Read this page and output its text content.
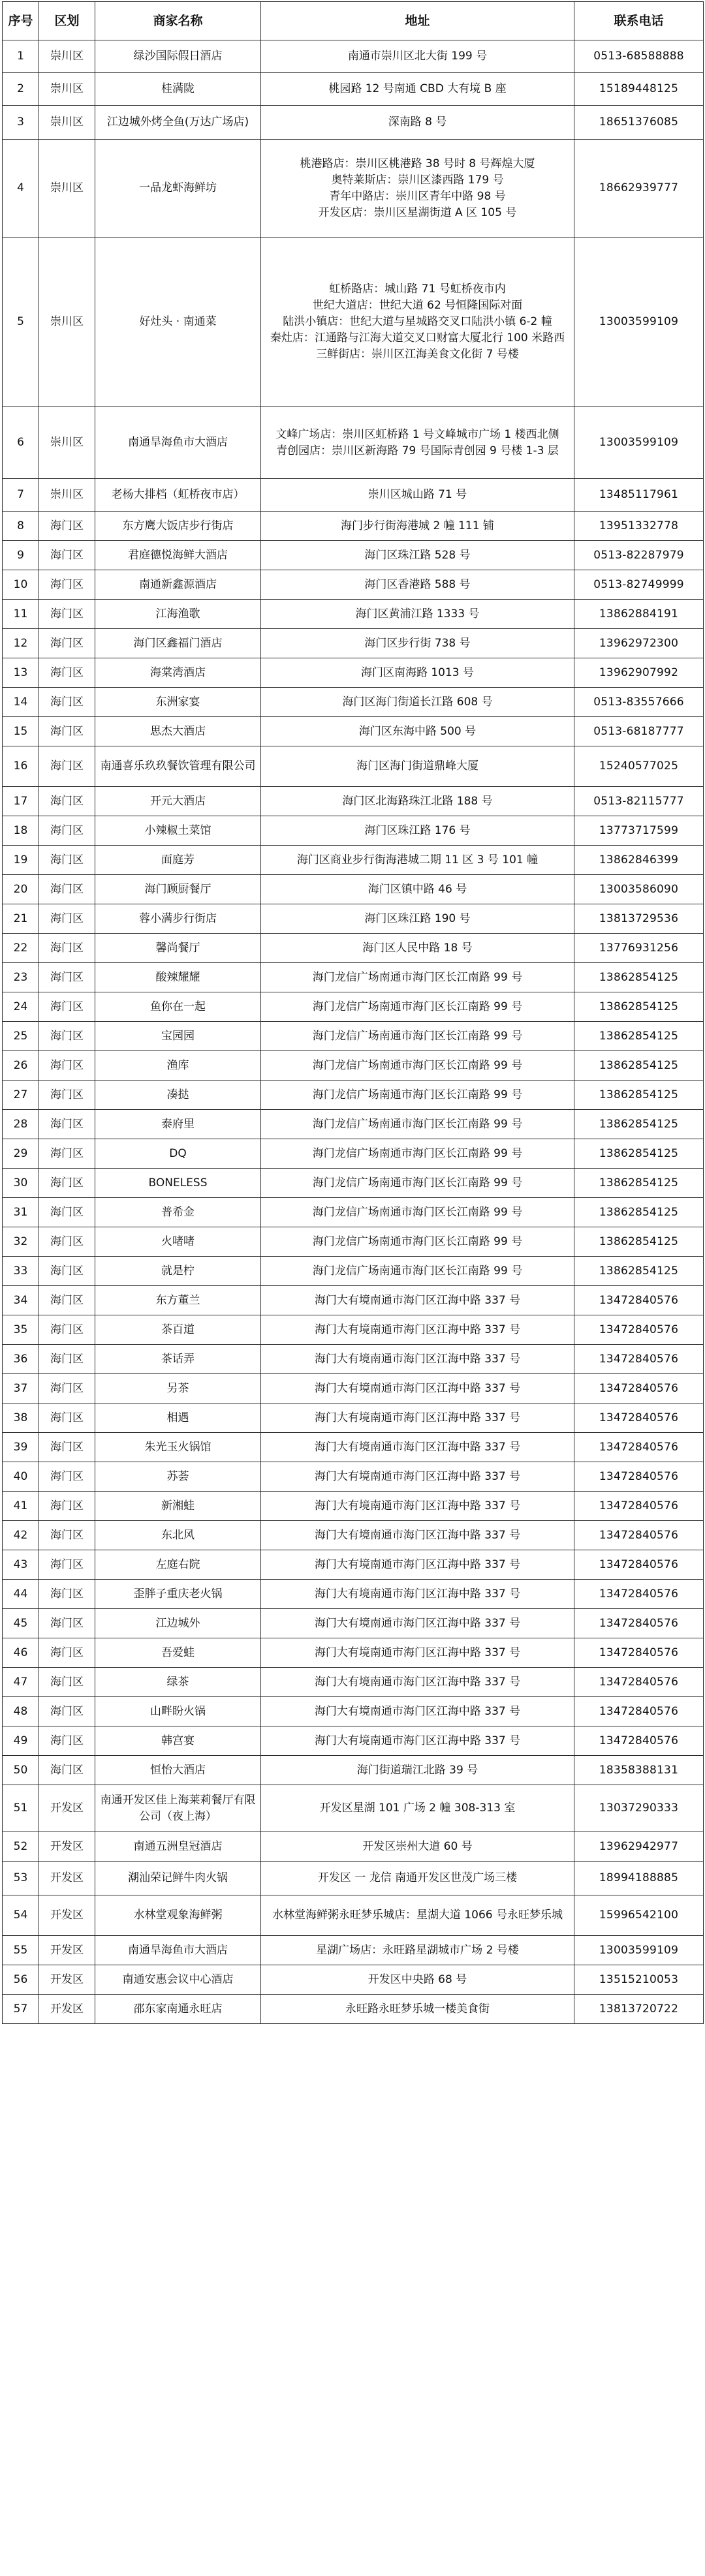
序号	区划	商家名称	地址	联系电话
1	崇川区	绿沙国际假日酒店	南通市崇川区北大街 199 号	0513-68588888
2	崇川区	桂满陇	桃园路 12 号南通 CBD 大有境 B 座	15189448125
3	崇川区	江边城外烤全鱼(万达广场店)	深南路 8 号	18651376085
4	崇川区	一品龙虾海鲜坊	桃港路店：崇川区桃港路 38 号时 8 号辉煌大厦
奥特莱斯店：崇川区漆西路 179 号
青年中路店：崇川区青年中路 98 号
开发区店：崇川区星湖街道 A 区 105 号	18662939777
5	崇川区	好灶头 · 南通菜	虹桥路店：城山路 71 号虹桥夜市内
世纪大道店：世纪大道 62 号恒隆国际对面
陆洪小镇店：世纪大道与星城路交叉口陆洪小镇 6-2 幢
秦灶店：江通路与江海大道交叉口财富大厦北行 100 米路西
三鲜街店：崇川区江海美食文化街 7 号楼	13003599109
6	崇川区	南通旱海鱼市大酒店	文峰广场店：崇川区虹桥路 1 号文峰城市广场 1 楼西北侧
青创园店：崇川区新海路 79 号国际青创园 9 号楼 1-3 层	13003599109
7	崇川区	老杨大排档（虹桥夜市店）	崇川区城山路 71 号	13485117961
8	海门区	东方鹰大饭店步行街店	海门步行街海港城 2 幢 111 铺	13951332778
9	海门区	君庭德悦海鲜大酒店	海门区珠江路 528 号	0513-82287979
10	海门区	南通新鑫源酒店	海门区香港路 588 号	0513-82749999
11	海门区	江海渔歌	海门区黄浦江路 1333 号	13862884191
12	海门区	海门区鑫福门酒店	海门区步行街 738 号	13962972300
13	海门区	海棠湾酒店	海门区南海路 1013 号	13962907992
14	海门区	东洲家宴	海门区海门街道长江路 608 号	0513-83557666
15	海门区	思杰大酒店	海门区东海中路 500 号	0513-68187777
16	海门区	南通喜乐玖玖餐饮管理有限公司	海门区海门街道鼎峰大厦	15240577025
17	海门区	开元大酒店	海门区北海路珠江北路 188 号	0513-82115777
18	海门区	小辣椒土菜馆	海门区珠江路 176 号	13773717599
19	海门区	面庭芳	海门区商业步行街海港城二期 11 区 3 号 101 幢	13862846399
20	海门区	海门顾厨餐厅	海门区镇中路 46 号	13003586090
21	海门区	蓉小满步行街店	海门区珠江路 190 号	13813729536
22	海门区	馨尚餐厅	海门区人民中路 18 号	13776931256
23	海门区	酸辣耀耀	海门龙信广场南通市海门区长江南路 99 号	13862854125
24	海门区	鱼你在一起	海门龙信广场南通市海门区长江南路 99 号	13862854125
25	海门区	宝园园	海门龙信广场南通市海门区长江南路 99 号	13862854125
26	海门区	渔库	海门龙信广场南通市海门区长江南路 99 号	13862854125
27	海门区	凑挞	海门龙信广场南通市海门区长江南路 99 号	13862854125
28	海门区	泰府里	海门龙信广场南通市海门区长江南路 99 号	13862854125
29	海门区	DQ	海门龙信广场南通市海门区长江南路 99 号	13862854125
30	海门区	BONELESS	海门龙信广场南通市海门区长江南路 99 号	13862854125
31	海门区	普希金	海门龙信广场南通市海门区长江南路 99 号	13862854125
32	海门区	火啫啫	海门龙信广场南通市海门区长江南路 99 号	13862854125
33	海门区	就是柠	海门龙信广场南通市海门区长江南路 99 号	13862854125
34	海门区	东方董兰	海门大有境南通市海门区江海中路 337 号	13472840576
35	海门区	茶百道	海门大有境南通市海门区江海中路 337 号	13472840576
36	海门区	茶话弄	海门大有境南通市海门区江海中路 337 号	13472840576
37	海门区	另茶	海门大有境南通市海门区江海中路 337 号	13472840576
38	海门区	相遇	海门大有境南通市海门区江海中路 337 号	13472840576
39	海门区	朱光玉火锅馆	海门大有境南通市海门区江海中路 337 号	13472840576
40	海门区	苏荟	海门大有境南通市海门区江海中路 337 号	13472840576
41	海门区	新湘蛙	海门大有境南通市海门区江海中路 337 号	13472840576
42	海门区	东北风	海门大有境南通市海门区江海中路 337 号	13472840576
43	海门区	左庭右院	海门大有境南通市海门区江海中路 337 号	13472840576
44	海门区	歪胖子重庆老火锅	海门大有境南通市海门区江海中路 337 号	13472840576
45	海门区	江边城外	海门大有境南通市海门区江海中路 337 号	13472840576
46	海门区	吾爱蛙	海门大有境南通市海门区江海中路 337 号	13472840576
47	海门区	绿茶	海门大有境南通市海门区江海中路 337 号	13472840576
48	海门区	山畔盼火锅	海门大有境南通市海门区江海中路 337 号	13472840576
49	海门区	韩宫宴	海门大有境南通市海门区江海中路 337 号	13472840576
50	海门区	恒怡大酒店	海门街道瑞江北路 39 号	18358388131
51	开发区	南通开发区佳上海莱莉餐厅有限公司（夜上海）	开发区星湖 101 广场 2 幢 308-313 室	13037290333
52	开发区	南通五洲皇冠酒店	开发区崇州大道 60 号	13962942977
53	开发区	潮汕荣记鲜牛肉火锅	开发区 一 龙信 南通开发区世茂广场三楼	18994188885
54	开发区	水林堂观象海鲜粥	水林堂海鲜粥永旺梦乐城店：星湖大道 1066 号永旺梦乐城	15996542100
55	开发区	南通旱海鱼市大酒店	星湖广场店：永旺路星湖城市广场 2 号楼	13003599109
56	开发区	南通安惠会议中心酒店	开发区中央路 68 号	13515210053
57	开发区	邵东家南通永旺店	永旺路永旺梦乐城一楼美食街	13813720722
